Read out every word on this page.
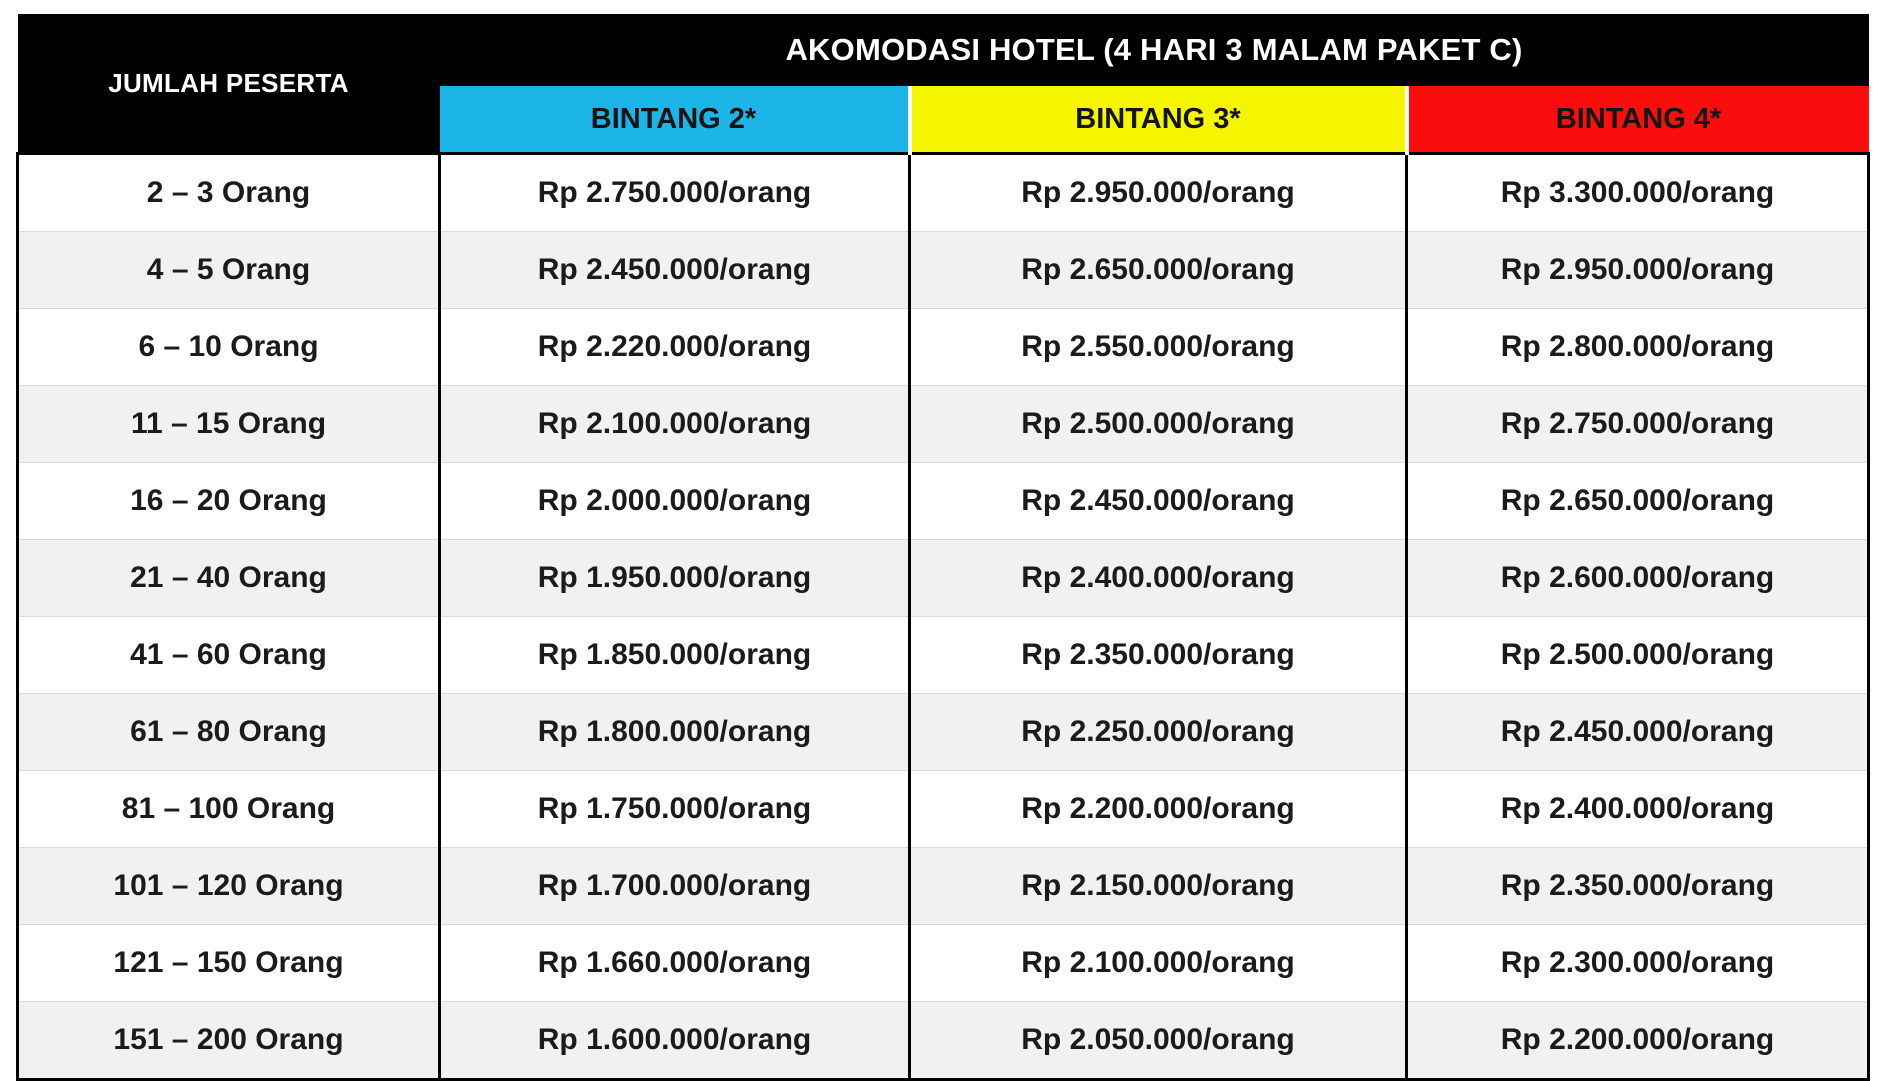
JUMLAH PESERTA	AKOMODASI HOTEL (4 HARI 3 MALAM PAKET C)		
	BINTANG 2*	BINTANG 3*	BINTANG 4*
2 – 3 Orang	Rp 2.750.000/orang	Rp 2.950.000/orang	Rp 3.300.000/orang
4 – 5 Orang	Rp 2.450.000/orang	Rp 2.650.000/orang	Rp 2.950.000/orang
6 – 10 Orang	Rp 2.220.000/orang	Rp 2.550.000/orang	Rp 2.800.000/orang
11 – 15 Orang	Rp 2.100.000/orang	Rp 2.500.000/orang	Rp 2.750.000/orang
16 – 20 Orang	Rp 2.000.000/orang	Rp 2.450.000/orang	Rp 2.650.000/orang
21 – 40 Orang	Rp 1.950.000/orang	Rp 2.400.000/orang	Rp 2.600.000/orang
41 – 60 Orang	Rp 1.850.000/orang	Rp 2.350.000/orang	Rp 2.500.000/orang
61 – 80 Orang	Rp 1.800.000/orang	Rp 2.250.000/orang	Rp 2.450.000/orang
81 – 100 Orang	Rp 1.750.000/orang	Rp 2.200.000/orang	Rp 2.400.000/orang
101 – 120 Orang	Rp 1.700.000/orang	Rp 2.150.000/orang	Rp 2.350.000/orang
121 – 150 Orang	Rp 1.660.000/orang	Rp 2.100.000/orang	Rp 2.300.000/orang
151 – 200 Orang	Rp 1.600.000/orang	Rp 2.050.000/orang	Rp 2.200.000/orang
